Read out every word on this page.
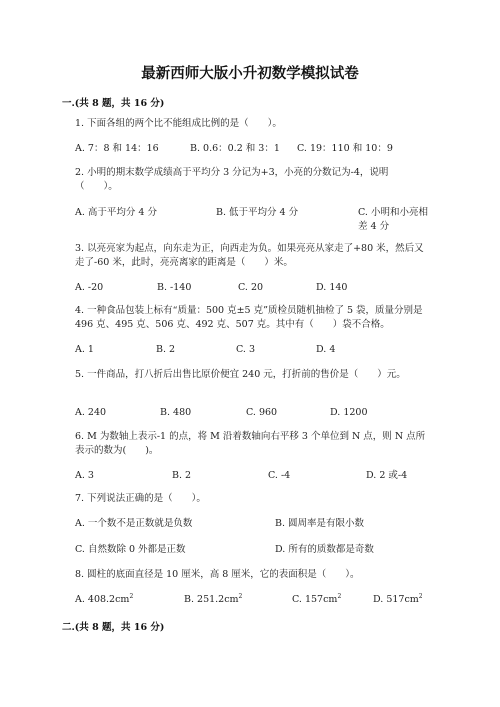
最新西师大版小升初数学模拟试卷
一.(共 8 题，共 16 分)
1. 下面各组的两个比不能组成比例的是（　　）。
A. 7：8 和 14：16	B. 0.6：0.2 和 3：1 C. 19：110 和 10：9
2. 小明的期末数学成绩高于平均分 3 分记为+3，小亮的分数记为-4，说明（　　）。
A. 高于平均分 4 分	B. 低于平均分 4 分	C. 小明和小亮相差 4 分
3. 以亮亮家为起点，向东走为正，向西走为负。如果亮亮从家走了+80 米，然后又走了-60 米，此时，亮亮离家的距离是（　　）米。
A. -20	B. -140	C. 20	D. 140
4. 一种食品包装上标有“质量：500 克±5 克”质检员随机抽检了 5 袋，质量分别是 496 克、495 克、506 克、492 克、507 克。其中有（　　）袋不合格。
A. 1	B. 2	C. 3	D. 4
5. 一件商品，打八折后出售比原价便宜 240 元，打折前的售价是（　　）元。
A. 240	B. 480	C. 960	D. 1200
6. M 为数轴上表示-1 的点，将 M 沿着数轴向右平移 3 个单位到 N 点，则 N 点所表示的数为(　　)。
A. 3	B. 2	C. -4	D. 2 或-4
7. 下列说法正确的是（　　）。
A. 一个数不是正数就是负数	B. 圆周率是有限小数
C. 自然数除 0 外都是正数	D. 所有的质数都是奇数
8. 圆柱的底面直径是 10 厘米，高 8 厘米，它的表面积是（　　）。
A. $408.2cm^2$	B. $251.2cm^2$	C. $157cm^2$	D. $517cm^2$
二.(共 8 题，共 16 分)
